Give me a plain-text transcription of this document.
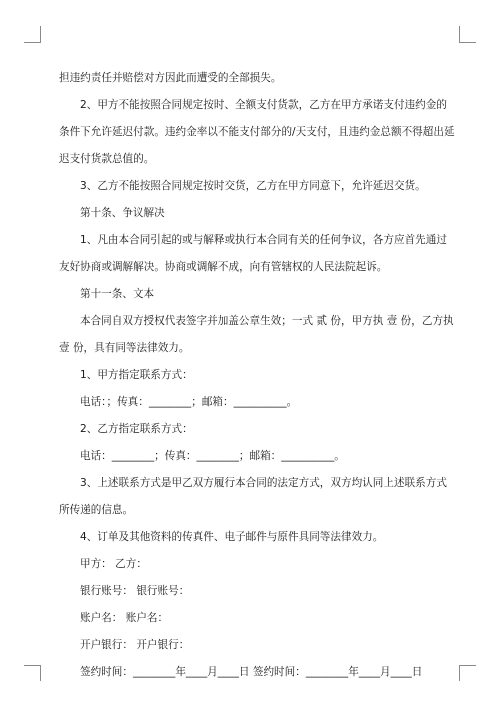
担违约责任并赔偿对方因此而遭受的全部损失。
2、甲方不能按照合同规定按时、全额支付货款，乙方在甲方承诺支付违约金的
条件下允许延迟付款。违约金率以不能支付部分的/天支付，且违约金总额不得超出延
迟支付货款总值的。
3、乙方不能按照合同规定按时交货，乙方在甲方同意下，允许延迟交货。
第十条、争议解决
1、凡由本合同引起的或与解释或执行本合同有关的任何争议，各方应首先通过
友好协商或调解解决。协商或调解不成，向有管辖权的人民法院起诉。
第十一条、文本
本合同自双方授权代表签字并加盖公章生效；一式 贰 份，甲方执 壹 份，乙方执
壹 份，具有同等法律效力。
1、甲方指定联系方式：
电话：；传真：________；邮箱：__________。
2、乙方指定联系方式：
电话：________；传真：________；邮箱：__________。
3、上述联系方式是甲乙双方履行本合同的法定方式，双方均认同上述联系方式
所传递的信息。
4、订单及其他资料的传真件、电子邮件与原件具同等法律效力。
甲方： 乙方：
银行账号： 银行账号：
账户名： 账户名：
开户银行： 开户银行：
签约时间：________年____月____日 签约时间：________年____月____日
